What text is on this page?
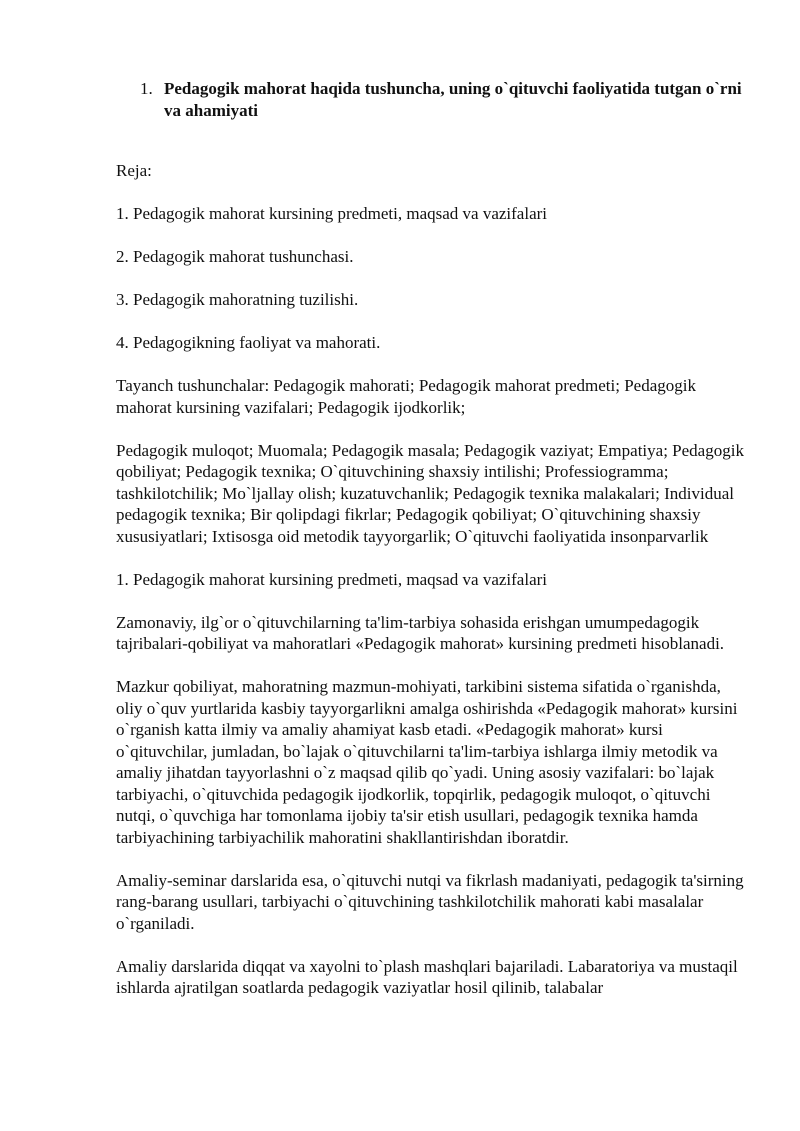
1. Pedagogik mahorat haqida tushuncha, uning o`qituvchi faoliyatida tutgan o`rni va ahamiyati

Reja:

1. Pedagogik mahorat kursining predmeti, maqsad va vazifalari

2. Pedagogik mahorat tushunchasi.

3. Pedagogik mahoratning tuzilishi.

4. Pedagogikning faoliyat va mahorati.

Tayanch tushunchalar: Pedagogik mahorati; Pedagogik mahorat predmeti; Pedagogik mahorat kursining vazifalari; Pedagogik ijodkorlik;

Pedagogik muloqot; Muomala; Pedagogik masala; Pedagogik vaziyat; Empatiya; Pedagogik qobiliyat; Pedagogik texnika; O`qituvchining shaxsiy intilishi; Professiogramma; tashkilotchilik; Mo`ljallay olish; kuzatuvchanlik; Pedagogik texnika malakalari; Individual pedagogik texnika; Bir qolipdagi fikrlar; Pedagogik qobiliyat; O`qituvchining shaxsiy xususiyatlari; Ixtisosga oid metodik tayyorgarlik; O`qituvchi faoliyatida insonparvarlik

1. Pedagogik mahorat kursining predmeti, maqsad va vazifalari

Zamonaviy, ilg`or o`qituvchilarning ta'lim-tarbiya sohasida erishgan umumpedagogik tajribalari-qobiliyat va mahoratlari «Pedagogik mahorat» kursining predmeti hisoblanadi.

Mazkur qobiliyat, mahoratning mazmun-mohiyati, tarkibini sistema sifatida o`rganishda, oliy o`quv yurtlarida kasbiy tayyorgarlikni amalga oshirishda «Pedagogik mahorat» kursini o`rganish katta ilmiy va amaliy ahamiyat kasb etadi. «Pedagogik mahorat» kursi o`qituvchilar, jumladan, bo`lajak o`qituvchilarni ta'lim-tarbiya ishlarga ilmiy metodik va amaliy jihatdan tayyorlashni o`z maqsad qilib qo`yadi. Uning asosiy vazifalari: bo`lajak tarbiyachi, o`qituvchida pedagogik ijodkorlik, topqirlik, pedagogik muloqot, o`qituvchi nutqi, o`quvchiga har tomonlama ijobiy ta'sir etish usullari, pedagogik texnika hamda tarbiyachining tarbiyachilik mahoratini shakllantirishdan iboratdir.

Amaliy-seminar darslarida esa, o`qituvchi nutqi va fikrlash madaniyati, pedagogik ta'sirning rang-barang usullari, tarbiyachi o`qituvchining tashkilotchilik mahorati kabi masalalar o`rganiladi.

Amaliy darslarida diqqat va xayolni to`plash mashqlari bajariladi. Labaratoriya va mustaqil ishlarda ajratilgan soatlarda pedagogik vaziyatlar hosil qilinib, talabalar
